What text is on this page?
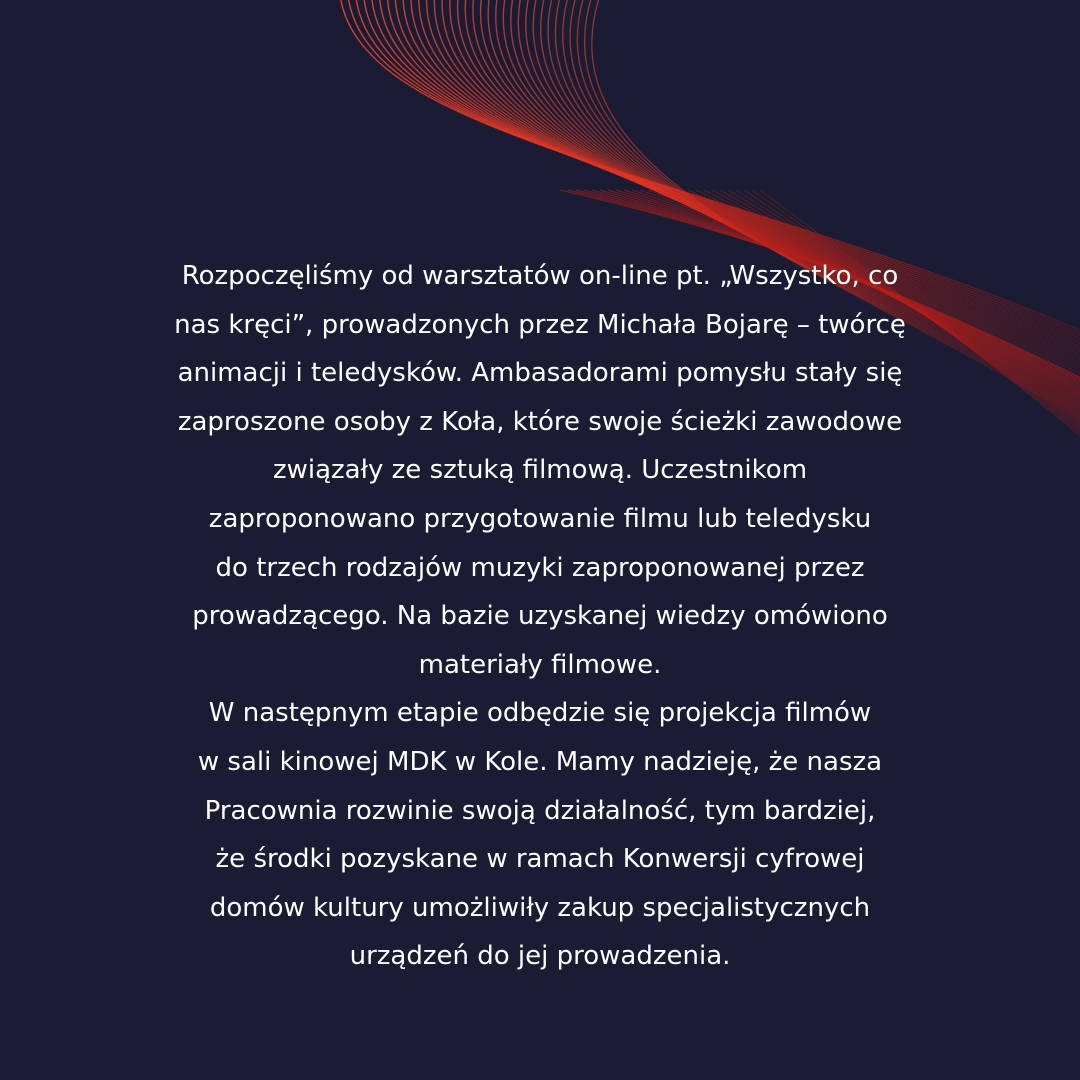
Rozpoczęliśmy od warsztatów on-line pt. „Wszystko, co
nas kręci”, prowadzonych przez Michała Bojarę – twórcę
animacji i teledysków. Ambasadorami pomysłu stały się
zaproszone osoby z Koła, które swoje ścieżki zawodowe
związały ze sztuką filmową. Uczestnikom
zaproponowano przygotowanie filmu lub teledysku
do trzech rodzajów muzyki zaproponowanej przez
prowadzącego. Na bazie uzyskanej wiedzy omówiono
materiały filmowe.
W następnym etapie odbędzie się projekcja filmów
w sali kinowej MDK w Kole. Mamy nadzieję, że nasza
Pracownia rozwinie swoją działalność, tym bardziej,
że środki pozyskane w ramach Konwersji cyfrowej
domów kultury umożliwiły zakup specjalistycznych
urządzeń do jej prowadzenia.
